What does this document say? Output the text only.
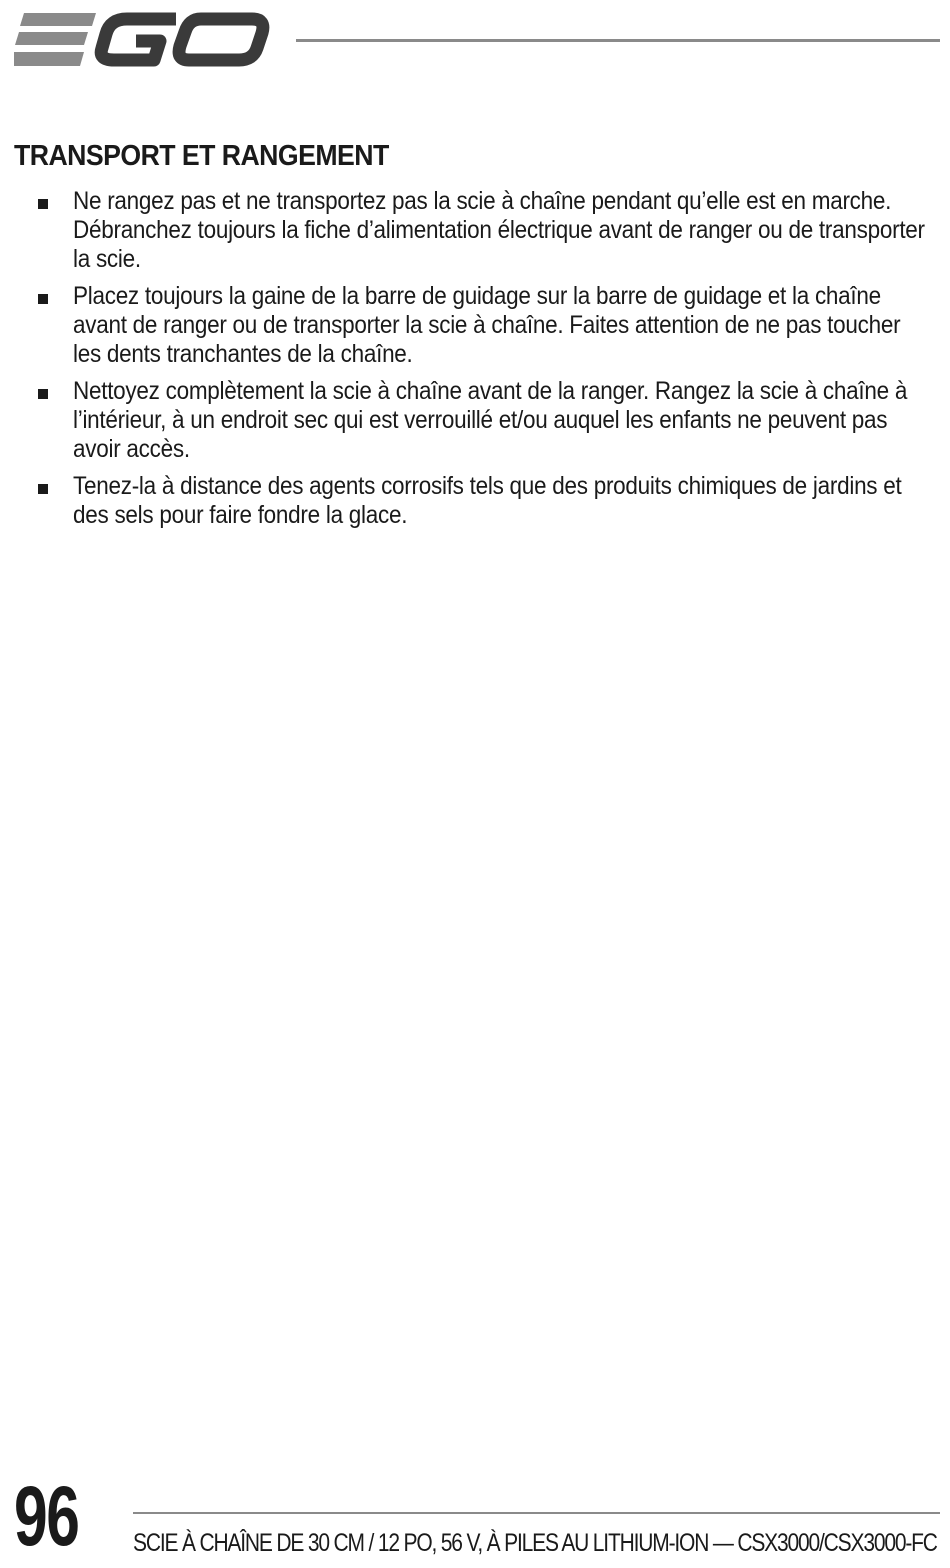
TRANSPORT ET RANGEMENT
Ne rangez pas et ne transportez pas la scie à chaîne pendant qu’elle est en marche. Débranchez toujours la fiche d’alimentation électrique avant de ranger ou de transporter la scie.
Placez toujours la gaine de la barre de guidage sur la barre de guidage et la chaîne avant de ranger ou de transporter la scie à chaîne. Faites attention de ne pas toucher les dents tranchantes de la chaîne.
Nettoyez complètement la scie à chaîne avant de la ranger. Rangez la scie à chaîne à l’intérieur, à un endroit sec qui est verrouillé et/ou auquel les enfants ne peuvent pas avoir accès.
Tenez-la à distance des agents corrosifs tels que des produits chimiques de jardins et des sels pour faire fondre la glace.
96 SCIE À CHAÎNE DE 30 CM / 12 PO, 56 V, À PILES AU LITHIUM-ION — CSX3000/CSX3000-FC
